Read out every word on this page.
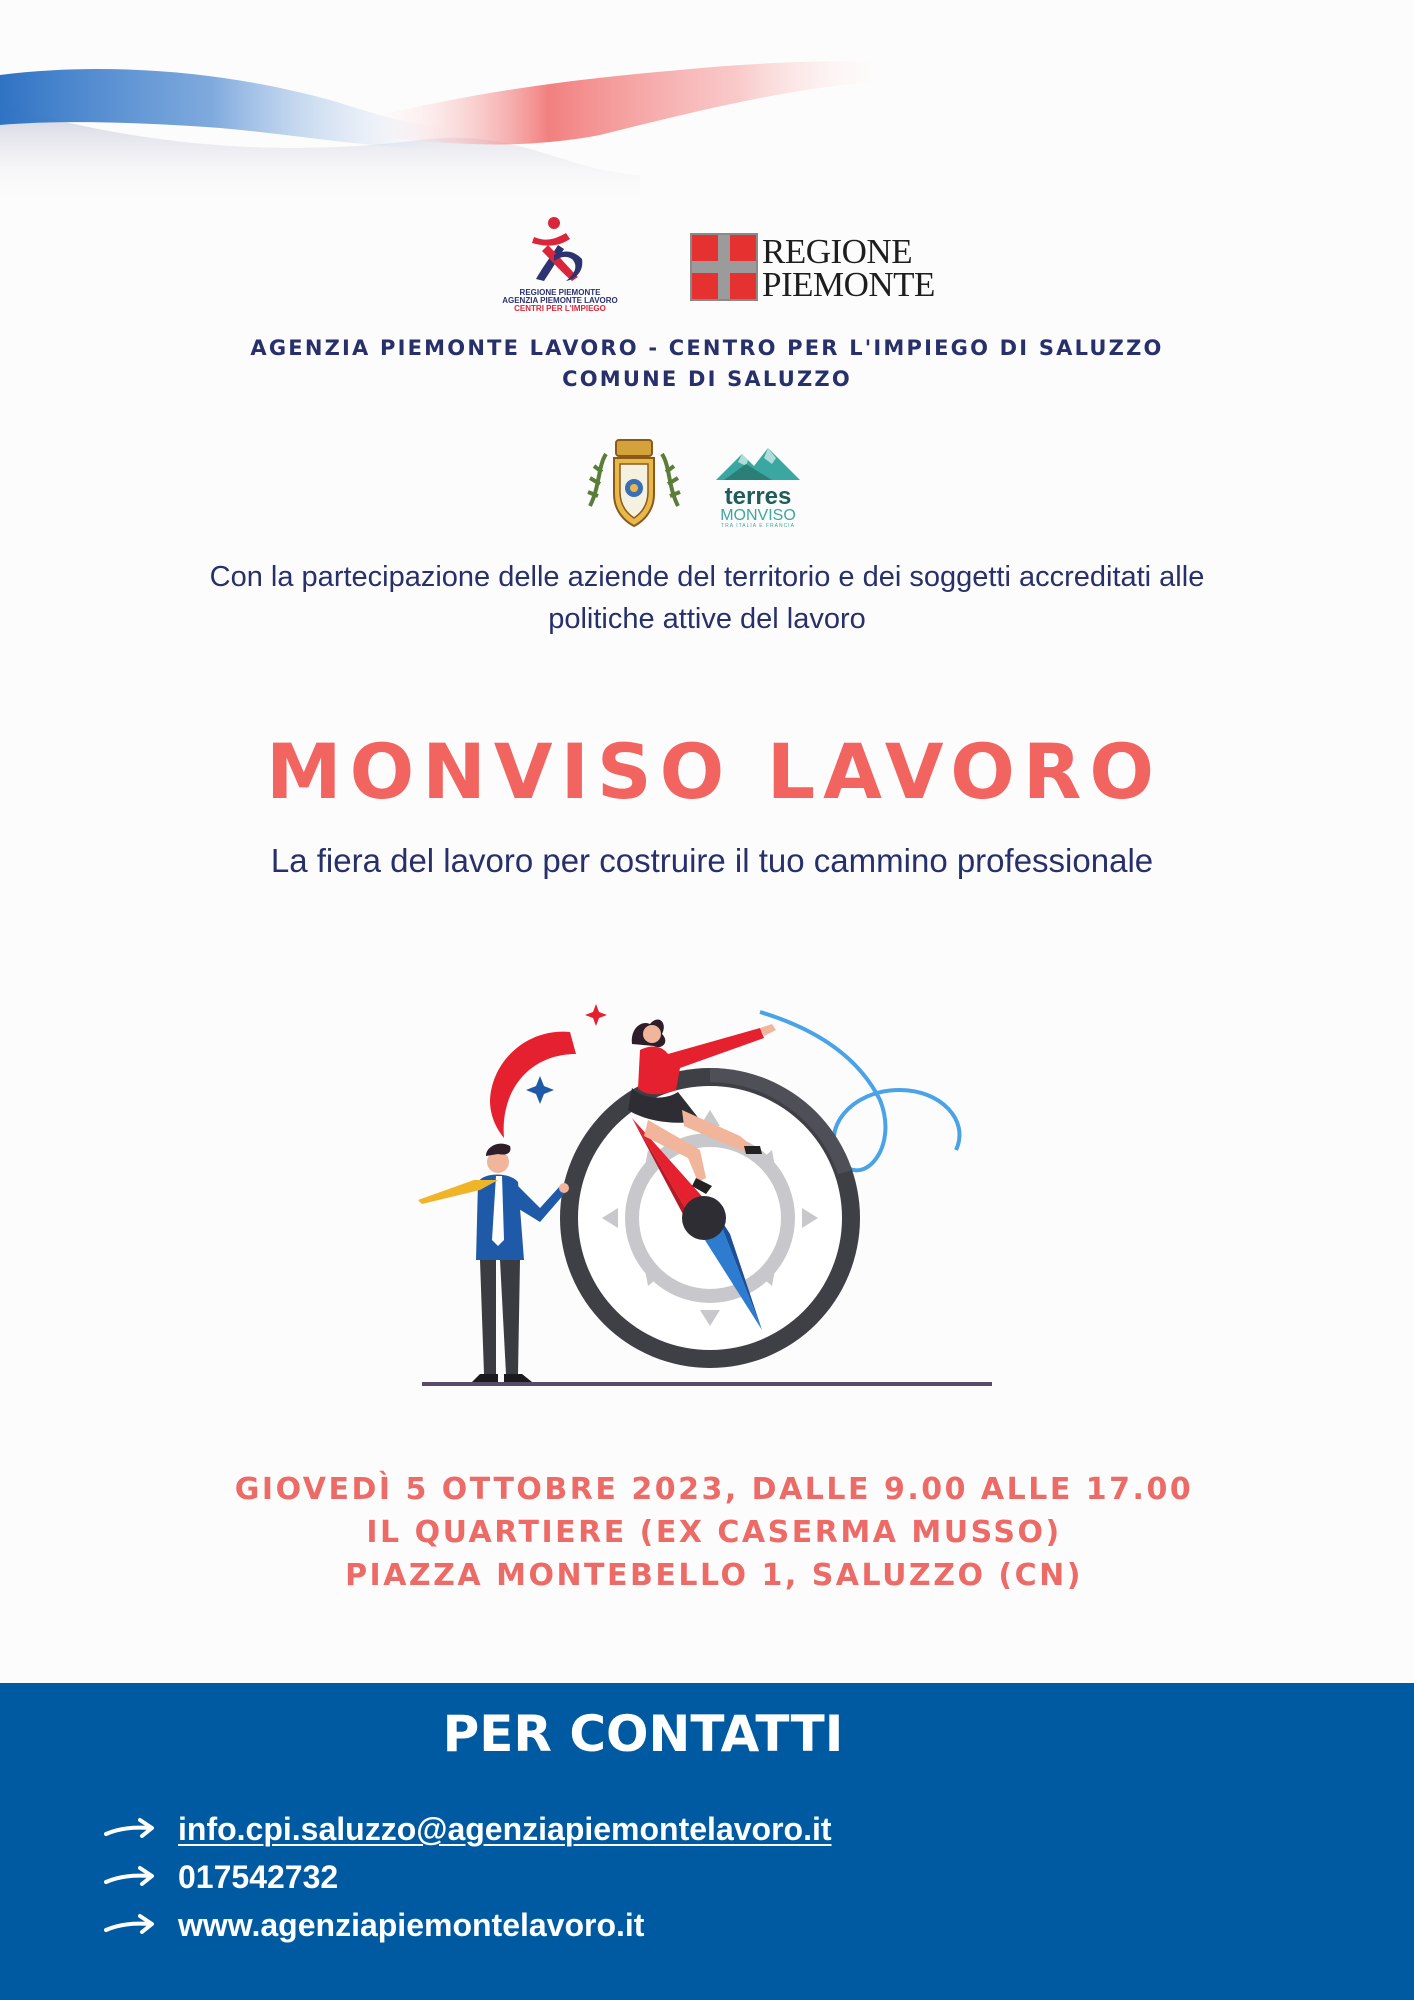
REGIONE PIEMONTE
AGENZIA PIEMONTE LAVORO
CENTRI PER L'IMPIEGO
REGIONE
PIEMONTE
AGENZIA PIEMONTE LAVORO - CENTRO PER L'IMPIEGO DI SALUZZO
COMUNE DI SALUZZO
terres
MONVISO
TRA ITALIA E FRANCIA
Con la partecipazione delle aziende del territorio e dei soggetti accreditati alle
politiche attive del lavoro
MONVISO LAVORO
La fiera del lavoro per costruire il tuo cammino professionale
GIOVEDÌ 5 OTTOBRE 2023, DALLE 9.00 ALLE 17.00
IL QUARTIERE (EX CASERMA MUSSO)
PIAZZA MONTEBELLO 1, SALUZZO (CN)
PER CONTATTI
info.cpi.saluzzo@agenziapiemontelavoro.it
017542732
www.agenziapiemontelavoro.it
